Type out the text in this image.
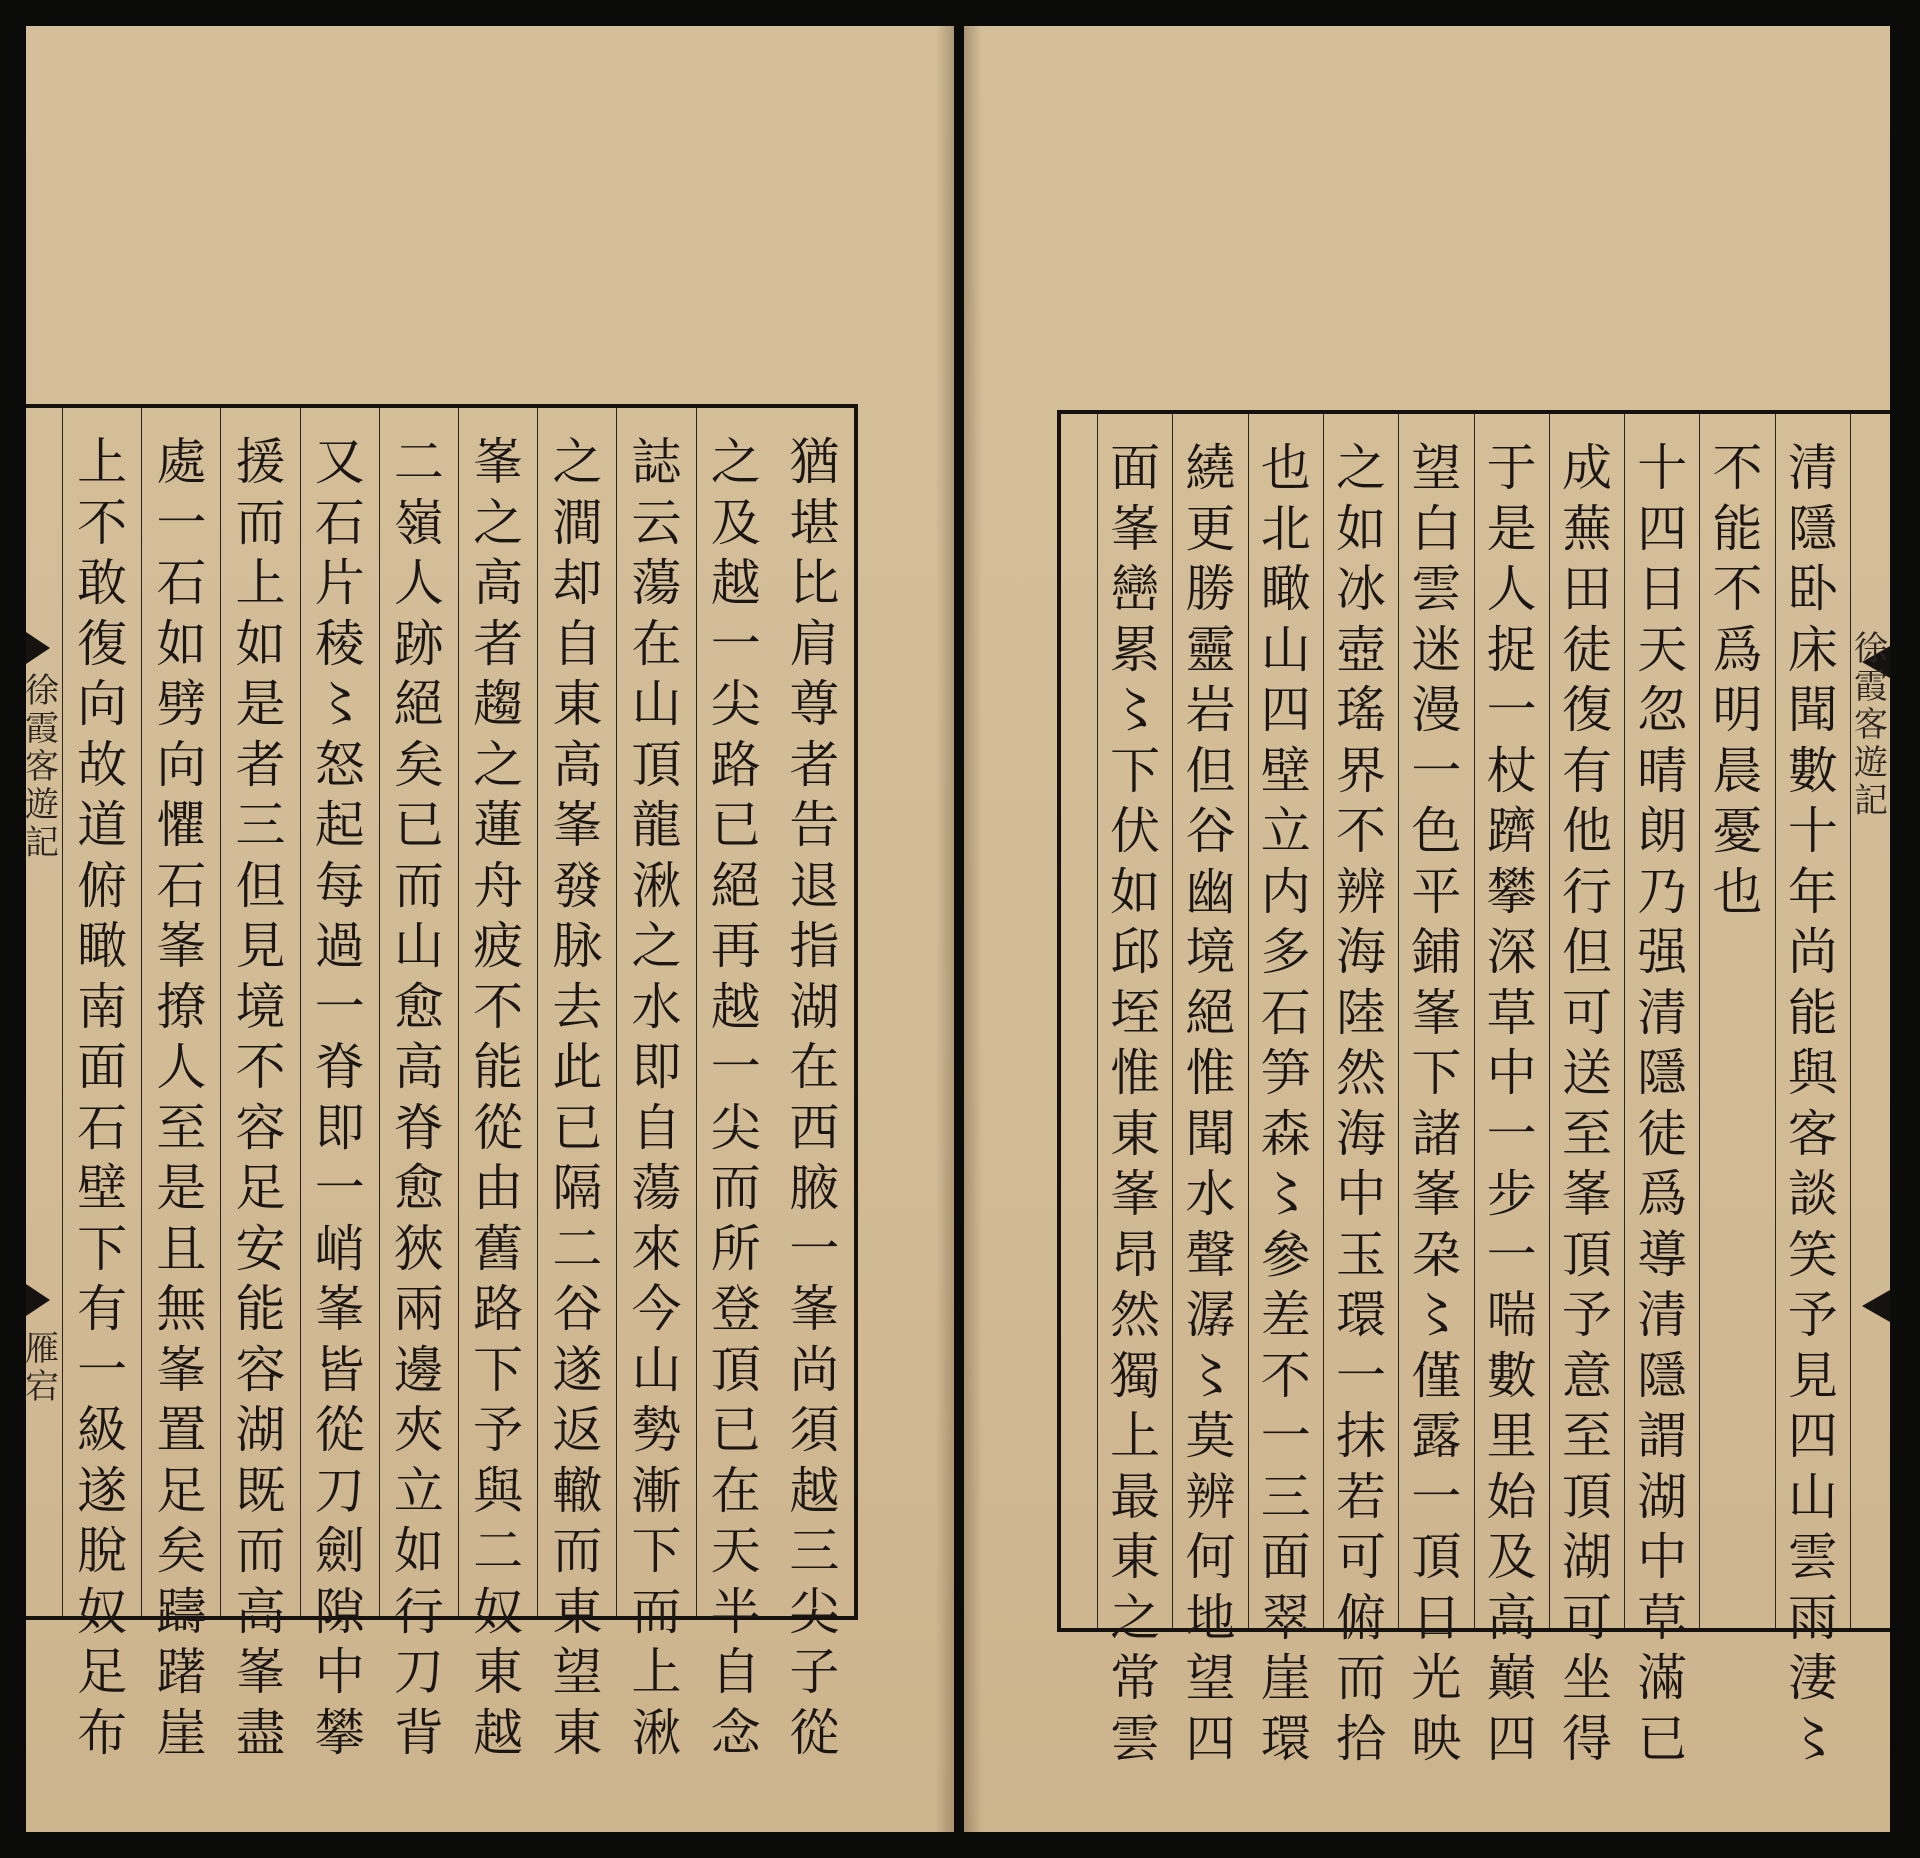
徐
霞
客
遊
記
雁
宕
猶
堪
比
肩
尊
者
告
退
指
湖
在
西
腋
一
峯
尚
須
越
三
尖
子
從
之
及
越
一
尖
路
已
絕
再
越
一
尖
而
所
登
頂
已
在
天
半
自
念
誌
云
蕩
在
山
頂
龍
湫
之
水
即
自
蕩
來
今
山
勢
漸
下
而
上
湫
之
澗
却
自
東
高
峯
發
脉
去
此
已
隔
二
谷
遂
返
轍
而
東
望
東
峯
之
高
者
趨
之
蓮
舟
疲
不
能
從
由
舊
路
下
予
與
二
奴
東
越
二
嶺
人
跡
絕
矣
已
而
山
愈
高
脊
愈
狹
兩
邊
夾
立
如
行
刀
背
又
石
片
稜
〻
怒
起
每
過
一
脊
即
一
峭
峯
皆
從
刀
劍
隙
中
攀
援
而
上
如
是
者
三
但
見
境
不
容
足
安
能
容
湖
既
而
高
峯
盡
處
一
石
如
劈
向
懼
石
峯
撩
人
至
是
且
無
峯
置
足
矣
躊
躇
崖
上
不
敢
復
向
故
道
俯
瞰
南
面
石
壁
下
有
一
級
遂
脫
奴
足
布
清
隱
卧
床
聞
數
十
年
尚
能
與
客
談
笑
予
見
四
山
雲
雨
淒
〻
不
能
不
爲
明
晨
憂
也
十
四
日
天
忽
晴
朗
乃
强
清
隱
徒
爲
導
清
隱
謂
湖
中
草
滿
已
成
蕪
田
徒
復
有
他
行
但
可
送
至
峯
頂
予
意
至
頂
湖
可
坐
得
于
是
人
捉
一
杖
躋
攀
深
草
中
一
步
一
喘
數
里
始
及
高
巔
四
望
白
雲
迷
漫
一
色
平
鋪
峯
下
諸
峯
朶
〻
僅
露
一
頂
日
光
映
之
如
冰
壺
瑤
界
不
辨
海
陸
然
海
中
玉
環
一
抹
若
可
俯
而
拾
也
北
瞰
山
四
壁
立
内
多
石
笋
森
〻
參
差
不
一
三
面
翠
崖
環
繞
更
勝
靈
岩
但
谷
幽
境
絕
惟
聞
水
聲
潺
〻
莫
辨
何
地
望
四
面
峯
巒
累
〻
下
伏
如
邱
垤
惟
東
峯
昂
然
獨
上
最
東
之
常
雲
徐
霞
客
遊
記
